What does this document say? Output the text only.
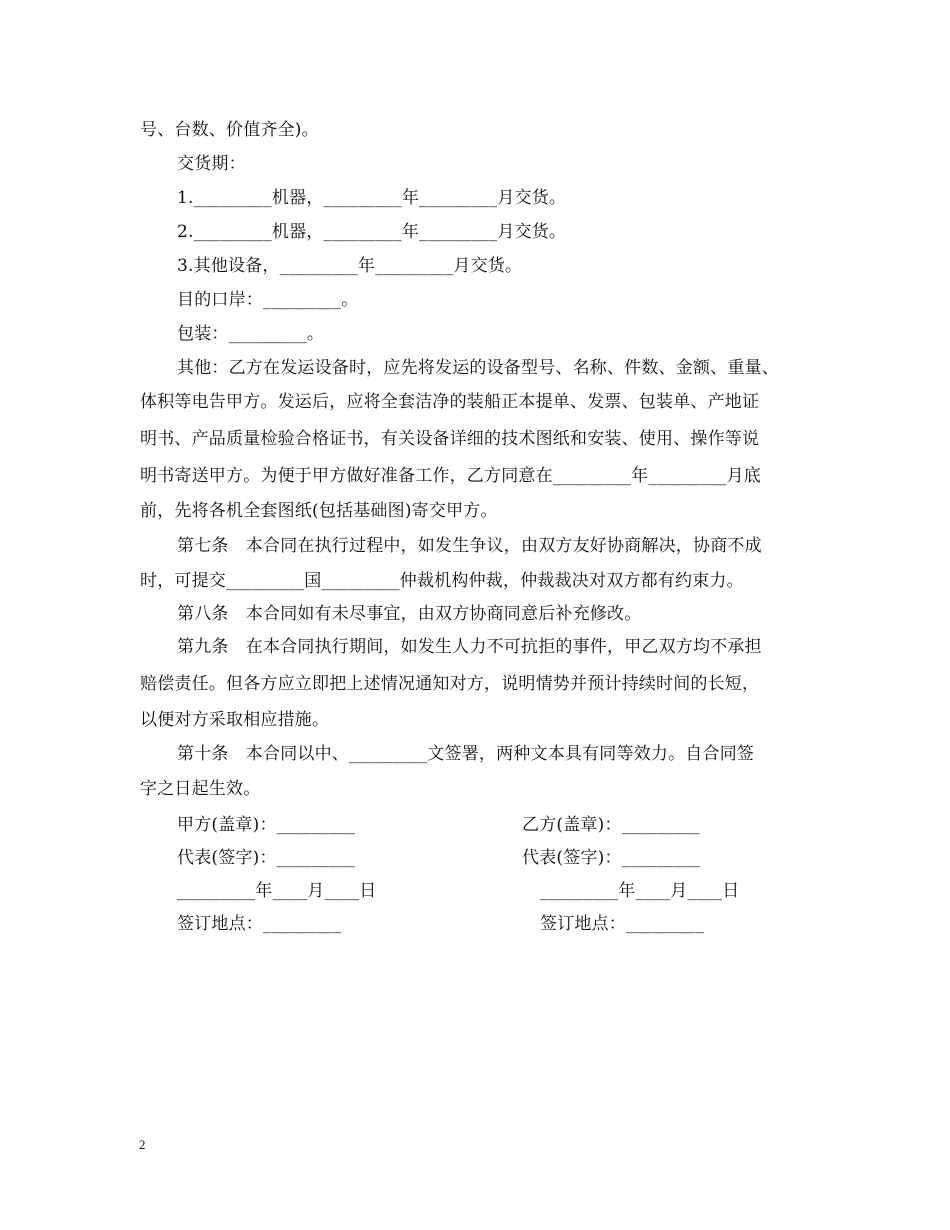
号、台数、价值齐全)。
交货期：
1._________机器，_________年_________月交货。
2._________机器，_________年_________月交货。
3.其他设备，_________年_________月交货。
目的口岸：_________。
包装：_________。
其他：乙方在发运设备时，应先将发运的设备型号、名称、件数、金额、重量、
体积等电告甲方。发运后，应将全套洁净的装船正本提单、发票、包装单、产地证
明书、产品质量检验合格证书，有关设备详细的技术图纸和安装、使用、操作等说
明书寄送甲方。为便于甲方做好准备工作，乙方同意在_________年_________月底
前，先将各机全套图纸(包括基础图)寄交甲方。
第七条　本合同在执行过程中，如发生争议，由双方友好协商解决，协商不成
时，可提交_________国_________仲裁机构仲裁，仲裁裁决对双方都有约束力。
第八条　本合同如有未尽事宜，由双方协商同意后补充修改。
第九条　在本合同执行期间，如发生人力不可抗拒的事件，甲乙双方均不承担
赔偿责任。但各方应立即把上述情况通知对方，说明情势并预计持续时间的长短，
以便对方采取相应措施。
第十条　本合同以中、_________文签署，两种文本具有同等效力。自合同签
字之日起生效。
甲方(盖章)：_________
代表(签字)：_________
_________年____月____日
签订地点：_________
乙方(盖章)：_________
代表(签字)：_________
_________年____月____日
签订地点：_________
2
